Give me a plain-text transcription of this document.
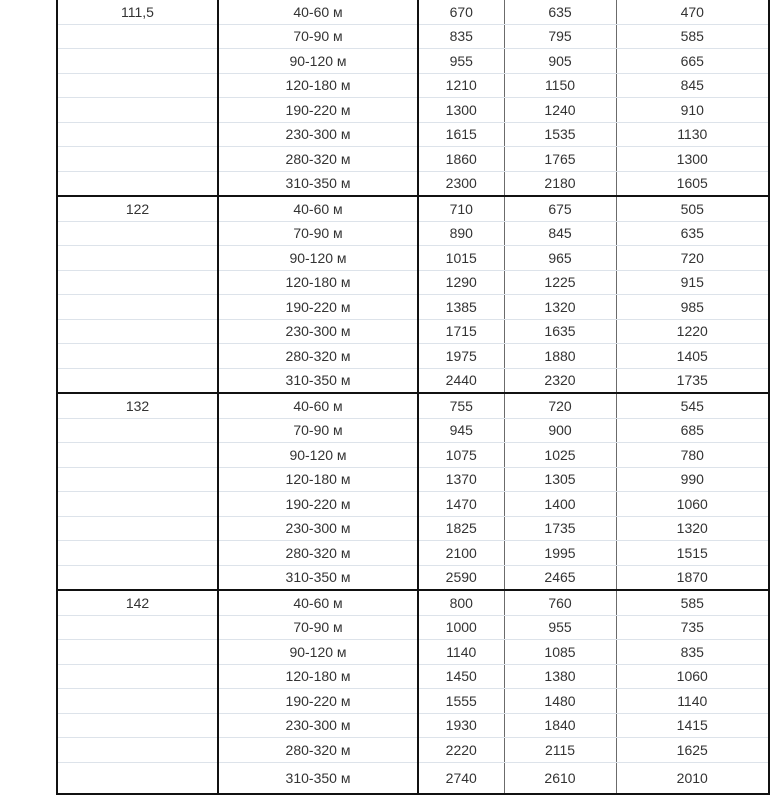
111,5	40-60 м	670	635	470
	70-90 м	835	795	585
	90-120 м	955	905	665
	120-180 м	1210	1150	845
	190-220 м	1300	1240	910
	230-300 м	1615	1535	1130
	280-320 м	1860	1765	1300
	310-350 м	2300	2180	1605
122	40-60 м	710	675	505
	70-90 м	890	845	635
	90-120 м	1015	965	720
	120-180 м	1290	1225	915
	190-220 м	1385	1320	985
	230-300 м	1715	1635	1220
	280-320 м	1975	1880	1405
	310-350 м	2440	2320	1735
132	40-60 м	755	720	545
	70-90 м	945	900	685
	90-120 м	1075	1025	780
	120-180 м	1370	1305	990
	190-220 м	1470	1400	1060
	230-300 м	1825	1735	1320
	280-320 м	2100	1995	1515
	310-350 м	2590	2465	1870
142	40-60 м	800	760	585
	70-90 м	1000	955	735
	90-120 м	1140	1085	835
	120-180 м	1450	1380	1060
	190-220 м	1555	1480	1140
	230-300 м	1930	1840	1415
	280-320 м	2220	2115	1625
	310-350 м	2740	2610	2010
